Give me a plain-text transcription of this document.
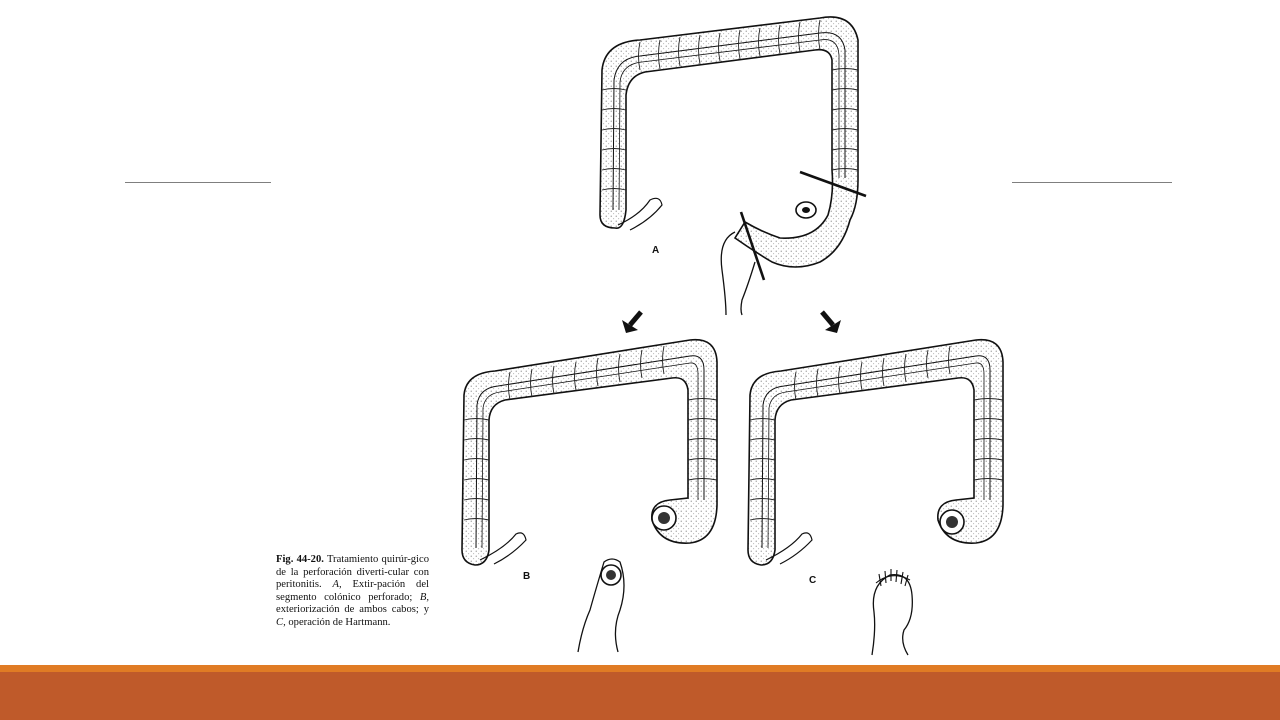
A
B	C
Fig. 44-20. Tratamiento quirúr-gico de la perforación diverti-cular con peritonitis. A, Extir-pación del segmento colónico perforado; B, exteriorización de ambos cabos; y C, operación de Hartmann.
